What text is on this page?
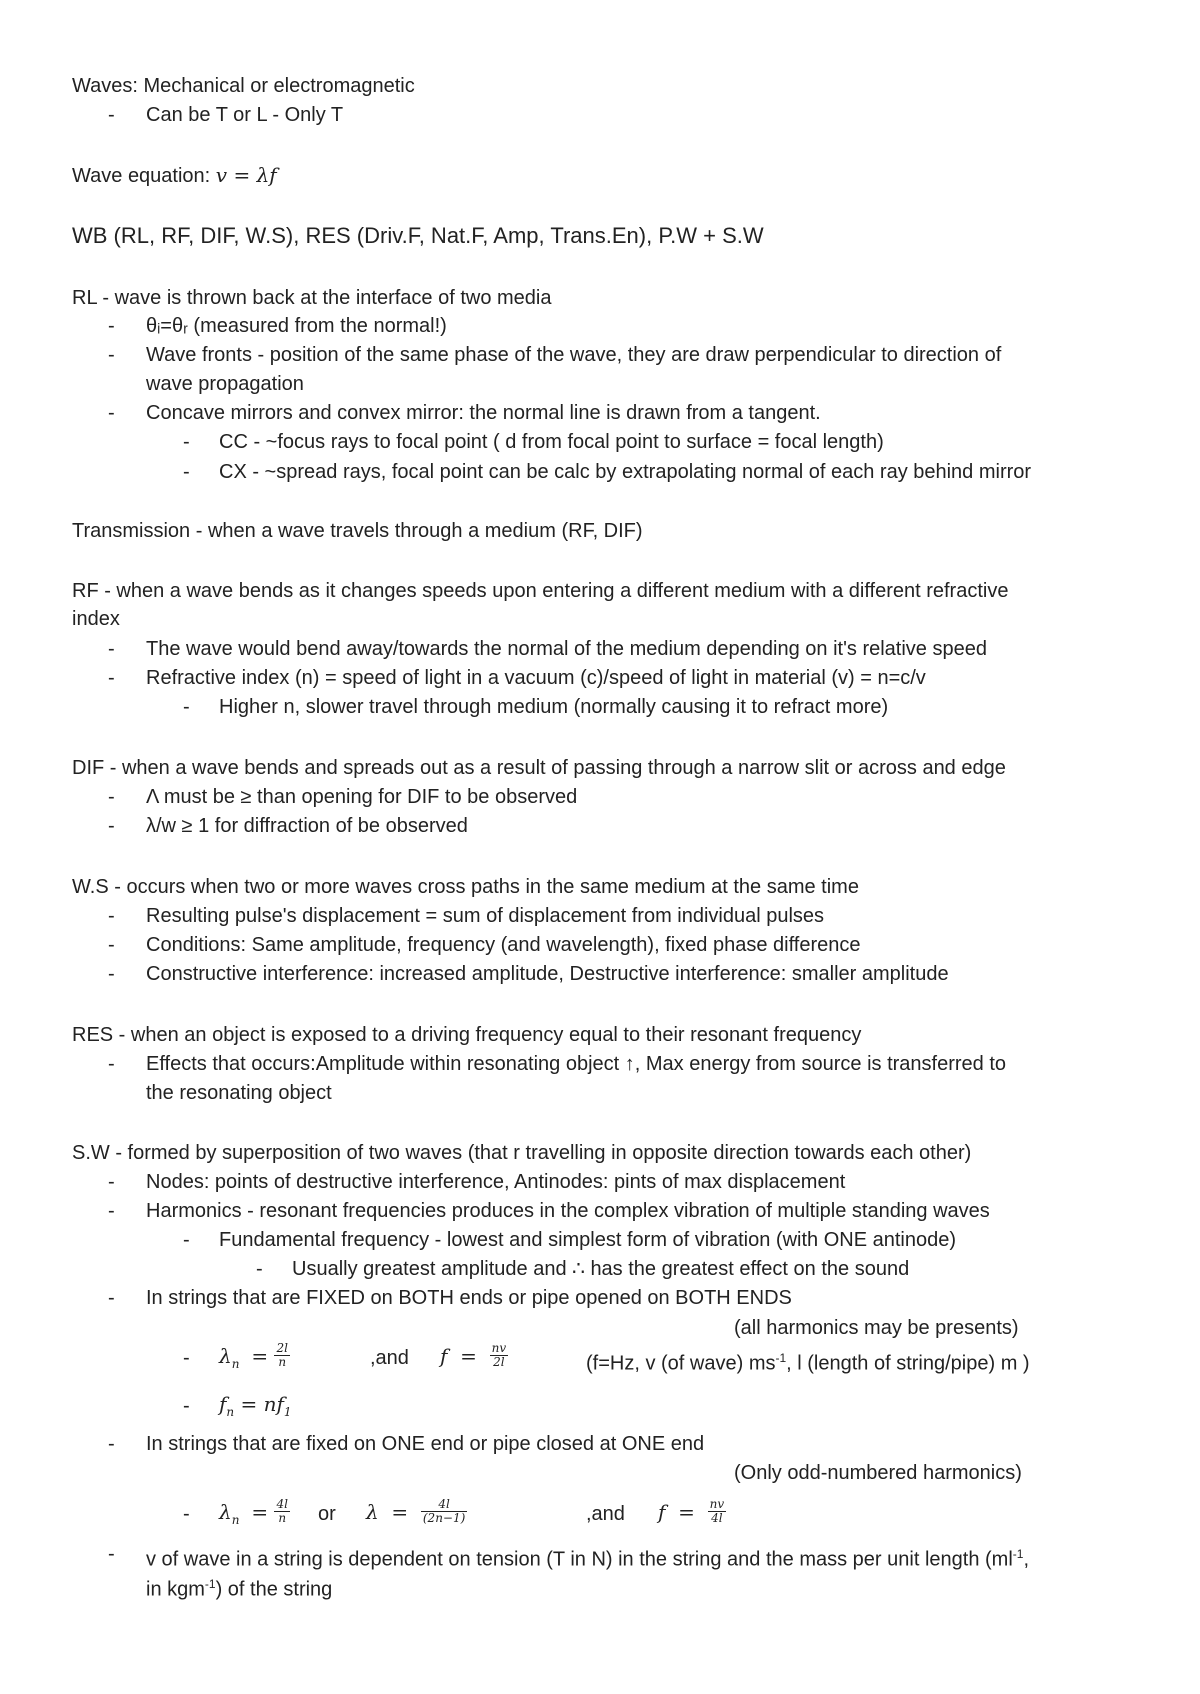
Waves: Mechanical or electromagnetic
- Can be T or L - Only T
Wave equation: v = λf
WB (RL, RF, DIF, W.S), RES (Driv.F, Nat.F, Amp, Trans.En), P.W + S.W
RL - wave is thrown back at the interface of two media
- θᵢ=θᵣ (measured from the normal!)
- Wave fronts - position of the same phase of the wave, they are draw perpendicular to direction of
wave propagation
- Concave mirrors and convex mirror: the normal line is drawn from a tangent.
- CC - ~focus rays to focal point ( d from focal point to surface = focal length)
- CX - ~spread rays, focal point can be calc by extrapolating normal of each ray behind mirror
Transmission - when a wave travels through a medium (RF, DIF)
RF - when a wave bends as it changes speeds upon entering a different medium with a different refractive
index
- The wave would bend away/towards the normal of the medium depending on it's relative speed
- Refractive index (n) = speed of light in a vacuum (c)/speed of light in material (v) = n=c/v
- Higher n, slower travel through medium (normally causing it to refract more)
DIF - when a wave bends and spreads out as a result of passing through a narrow slit or across and edge
- Λ must be ≥ than opening for DIF to be observed
- λ/w ≥ 1 for diffraction of be observed
W.S - occurs when two or more waves cross paths in the same medium at the same time
- Resulting pulse's displacement = sum of displacement from individual pulses
- Conditions: Same amplitude, frequency (and wavelength), fixed phase difference
- Constructive interference: increased amplitude, Destructive interference: smaller amplitude
RES - when an object is exposed to a driving frequency equal to their resonant frequency
- Effects that occurs:Amplitude within resonating object ↑, Max energy from source is transferred to
the resonating object
S.W - formed by superposition of two waves (that r travelling in opposite direction towards each other)
- Nodes: points of destructive interference, Antinodes: pints of max displacement
- Harmonics - resonant frequencies produces in the complex vibration of multiple standing waves
- Fundamental frequency - lowest and simplest form of vibration (with ONE antinode)
- Usually greatest amplitude and ∴ has the greatest effect on the sound
- In strings that are FIXED on BOTH ends or pipe opened on BOTH ENDS
(all harmonics may be presents)
- $\lambda_n = \frac{2l}{n}$	,and $f = \frac{nv}{2l}$	(f=Hz, v (of wave) $ms^{-1}$, l (length of string/pipe) m )
- $f_n = nf_1$
- In strings that are fixed on ONE end or pipe closed at ONE end
(Only odd-numbered harmonics)
- $\lambda_n = \frac{4l}{n}$ or $\lambda = \frac{4l}{(2n-1)}$	,and $f = \frac{nv}{4l}$
- v of wave in a string is dependent on tension (T in N) in the string and the mass per unit length ($ml^{-1}$,
in kgm$^{-1}$) of the string
